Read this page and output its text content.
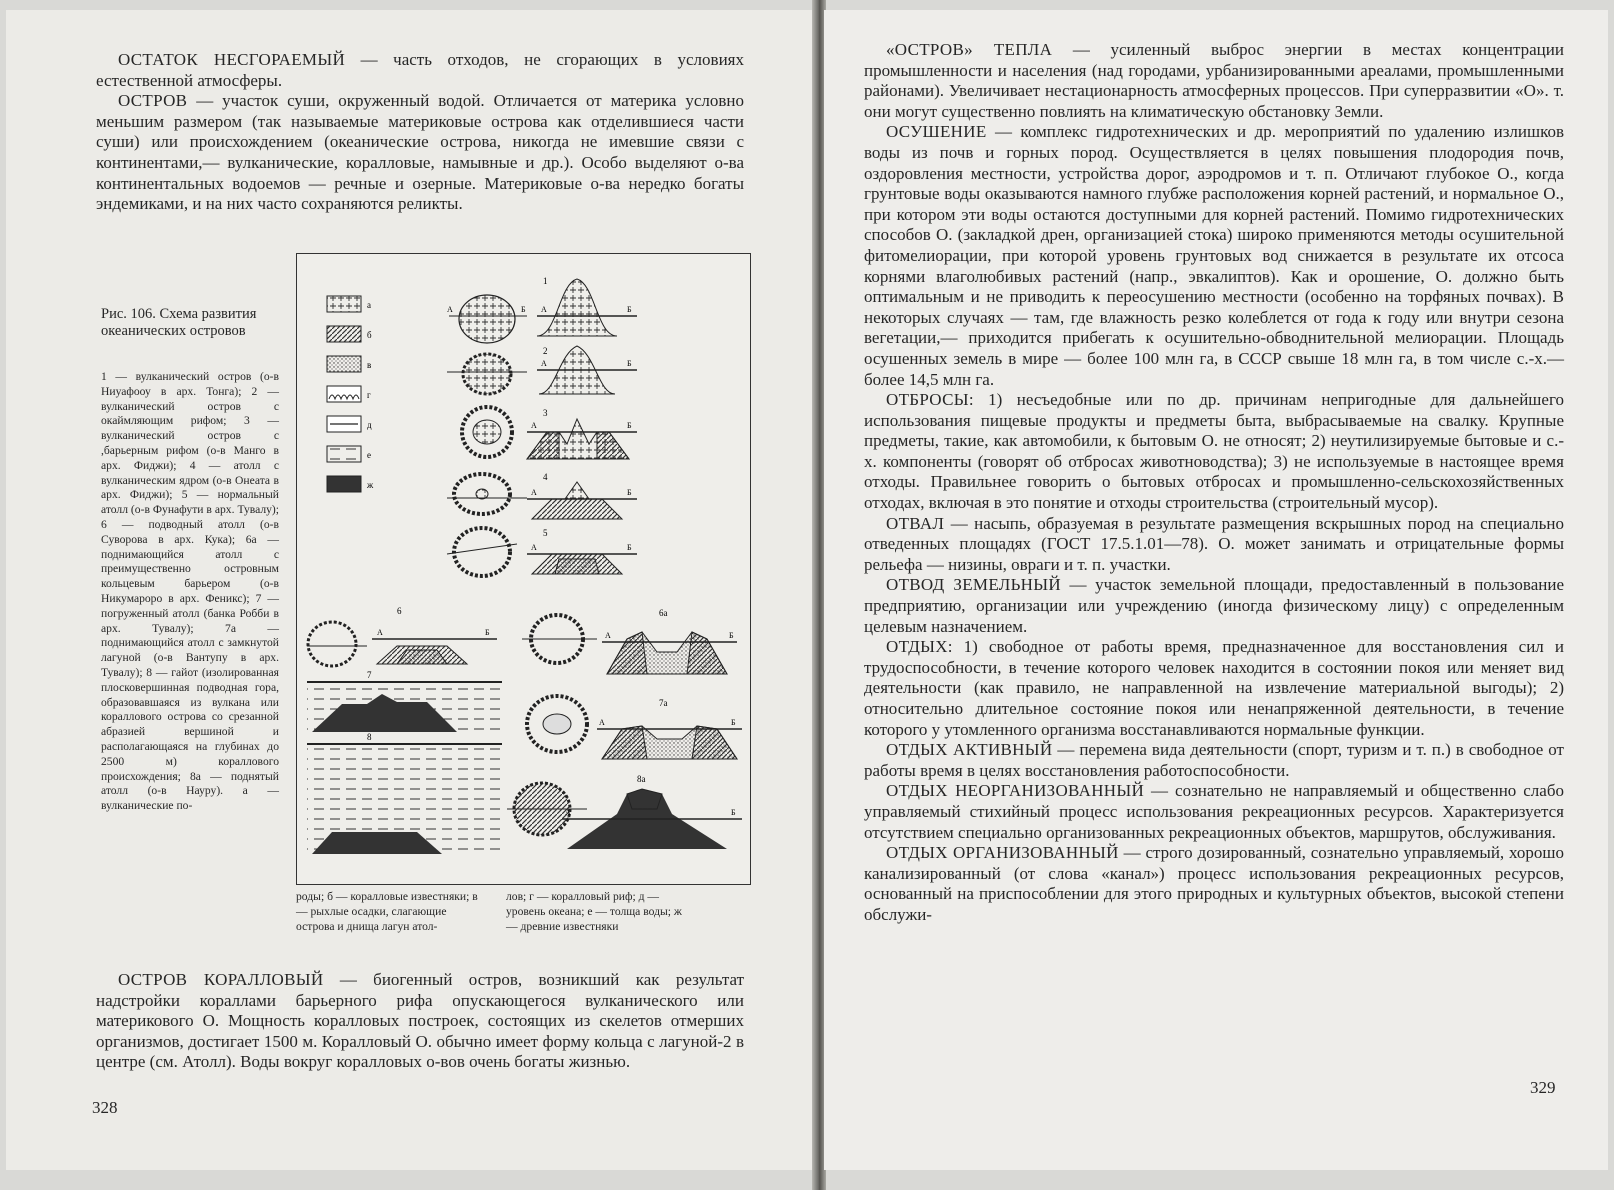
ОСТАТОК НЕСГОРАЕМЫЙ — часть отходов, не сгорающих в условиях естественной атмосферы.

ОСТРОВ — участок суши, окруженный водой. Отличается от материка условно меньшим размером (так называемые материковые острова как отделившиеся части суши) или происхождением (океанические острова, никогда не имевшие связи с континентами,— вулканические, коралловые, намывные и др.). Особо выделяют о-ва континентальных водоемов — речные и озерные. Материковые о-ва нередко богаты эндемиками, и на них часто сохраняются реликты.

Рис. 106. Схема развития океанических островов
1 — вулканический остров (о-в Ниуафооу в арх. Тонга); 2 — вулканический остров с окаймляющим рифом; 3 — вулканический остров с ,барьерным рифом (о-в Манго в арх. Фиджи); 4 — атолл с вулканическим ядром (о-в Онеата в арх. Фиджи); 5 — нормальный атолл (о-в Фунафути в арх. Тувалу); 6 — подводный атолл (о-в Суворова в арх. Кука); 6а — поднимающийся атолл с преимущественно островным кольцевым барьером (о-в Никумароро в арх. Феникс); 7 — погруженный атолл (банка Робби в арх. Тувалу); 7а — поднимающийся атолл с замкнутой лагуной (о-в Вантупу в арх. Тувалу); 8 — гайот (изолированная плосковершинная подводная гора, образовавшаяся из вулкана или кораллового острова со срезанной абразией вершиной и располагающаяся на глубинах до 2500 м) кораллового происхождения; 8а — поднятый атолл (о-в Науру). а — вулканические по-
роды; б — коралловые известняки; в — рыхлые осадки, слагающие острова и днища лагун атол-
лов; г — коралловый риф; д — уровень океана; е — толща воды; ж — древние известняки
а
б
в
г
д
е
ж
1
2
3
4
5
6	6а
7
7а
8
8а
А	Б А	Б
А	Б
А	Б
А	Б
А	Б
А	Б	А	Б
А	Б
А	Б

ОСТРОВ КОРАЛЛОВЫЙ — биогенный остров, возникший как результат надстройки кораллами барьерного рифа опускающегося вулканического или материкового О. Мощность коралловых построек, состоящих из скелетов отмерших организмов, достигает 1500 м. Коралловый О. обычно имеет форму кольца с лагуной-2 в центре (см. Атолл). Воды вокруг коралловых о-вов очень богаты жизнью.

328

«ОСТРОВ» ТЕПЛА — усиленный выброс энергии в местах концентрации промышленности и населения (над городами, урбанизированными ареалами, промышленными районами). Увеличивает нестационарность атмосферных процессов. При суперразвитии «О». т. они могут существенно повлиять на климатическую обстановку Земли.

ОСУШЕНИЕ — комплекс гидротехнических и др. мероприятий по удалению излишков воды из почв и горных пород. Осуществляется в целях повышения плодородия почв, оздоровления местности, устройства дорог, аэродромов и т. п. Отличают глубокое О., когда грунтовые воды оказываются намного глубже расположения корней растений, и нормальное О., при котором эти воды остаются доступными для корней растений. Помимо гидротехнических способов О. (закладкой дрен, организацией стока) широко применяются методы осушительной фитомелиорации, при которой уровень грунтовых вод снижается в результате их отсоса корнями влаголюбивых растений (напр., эвкалиптов). Как и орошение, О. должно быть оптимальным и не приводить к переосушению местности (особенно на торфяных почвах). В некоторых случаях — там, где влажность резко колеблется от года к году или внутри сезона вегетации,— приходится прибегать к осушительно-обводнительной мелиорации. Площадь осушенных земель в мире — более 100 млн га, в СССР свыше 18 млн га, в том числе с.-х.— более 14,5 млн га.

ОТБРОСЫ: 1) несъедобные или по др. причинам непригодные для дальнейшего использования пищевые продукты и предметы быта, выбрасываемые на свалку. Крупные предметы, такие, как автомобили, к бытовым О. не относят; 2) неутилизируемые бытовые и с.-х. компоненты (говорят об отбросах животноводства); 3) не используемые в настоящее время отходы. Правильнее говорить о бытовых отбросах и промышленно-сельскохозяйственных отходах, включая в это понятие и отходы строительства (строительный мусор).

ОТВАЛ — насыпь, образуемая в результате размещения вскрышных пород на специально отведенных площадях (ГОСТ 17.5.1.01—78). О. может занимать и отрицательные формы рельефа — низины, овраги и т. п. участки.

ОТВОД ЗЕМЕЛЬНЫЙ — участок земельной площади, предоставленный в пользование предприятию, организации или учреждению (иногда физическому лицу) с определенным целевым назначением.

ОТДЫХ: 1) свободное от работы время, предназначенное для восстановления сил и трудоспособности, в течение которого человек находится в состоянии покоя или меняет вид деятельности (как правило, не направленной на извлечение материальной выгоды); 2) относительно длительное состояние покоя или ненапряженной деятельности, в течение которого у утомленного организма восстанавливаются нормальные функции.

ОТДЫХ АКТИВНЫЙ — перемена вида деятельности (спорт, туризм и т. п.) в свободное от работы время в целях восстановления работоспособности.

ОТДЫХ НЕОРГАНИЗОВАННЫЙ — сознательно не направляемый и общественно слабо управляемый стихийный процесс использования рекреационных ресурсов. Характеризуется отсутствием специально организованных рекреационных объектов, маршрутов, обслуживания.

ОТДЫХ ОРГАНИЗОВАННЫЙ — строго дозированный, сознательно управляемый, хорошо канализированный (от слова «канал») процесс использования рекреационных ресурсов, основанный на приспособлении для этого природных и культурных объектов, высокой степени обслужи-

329
